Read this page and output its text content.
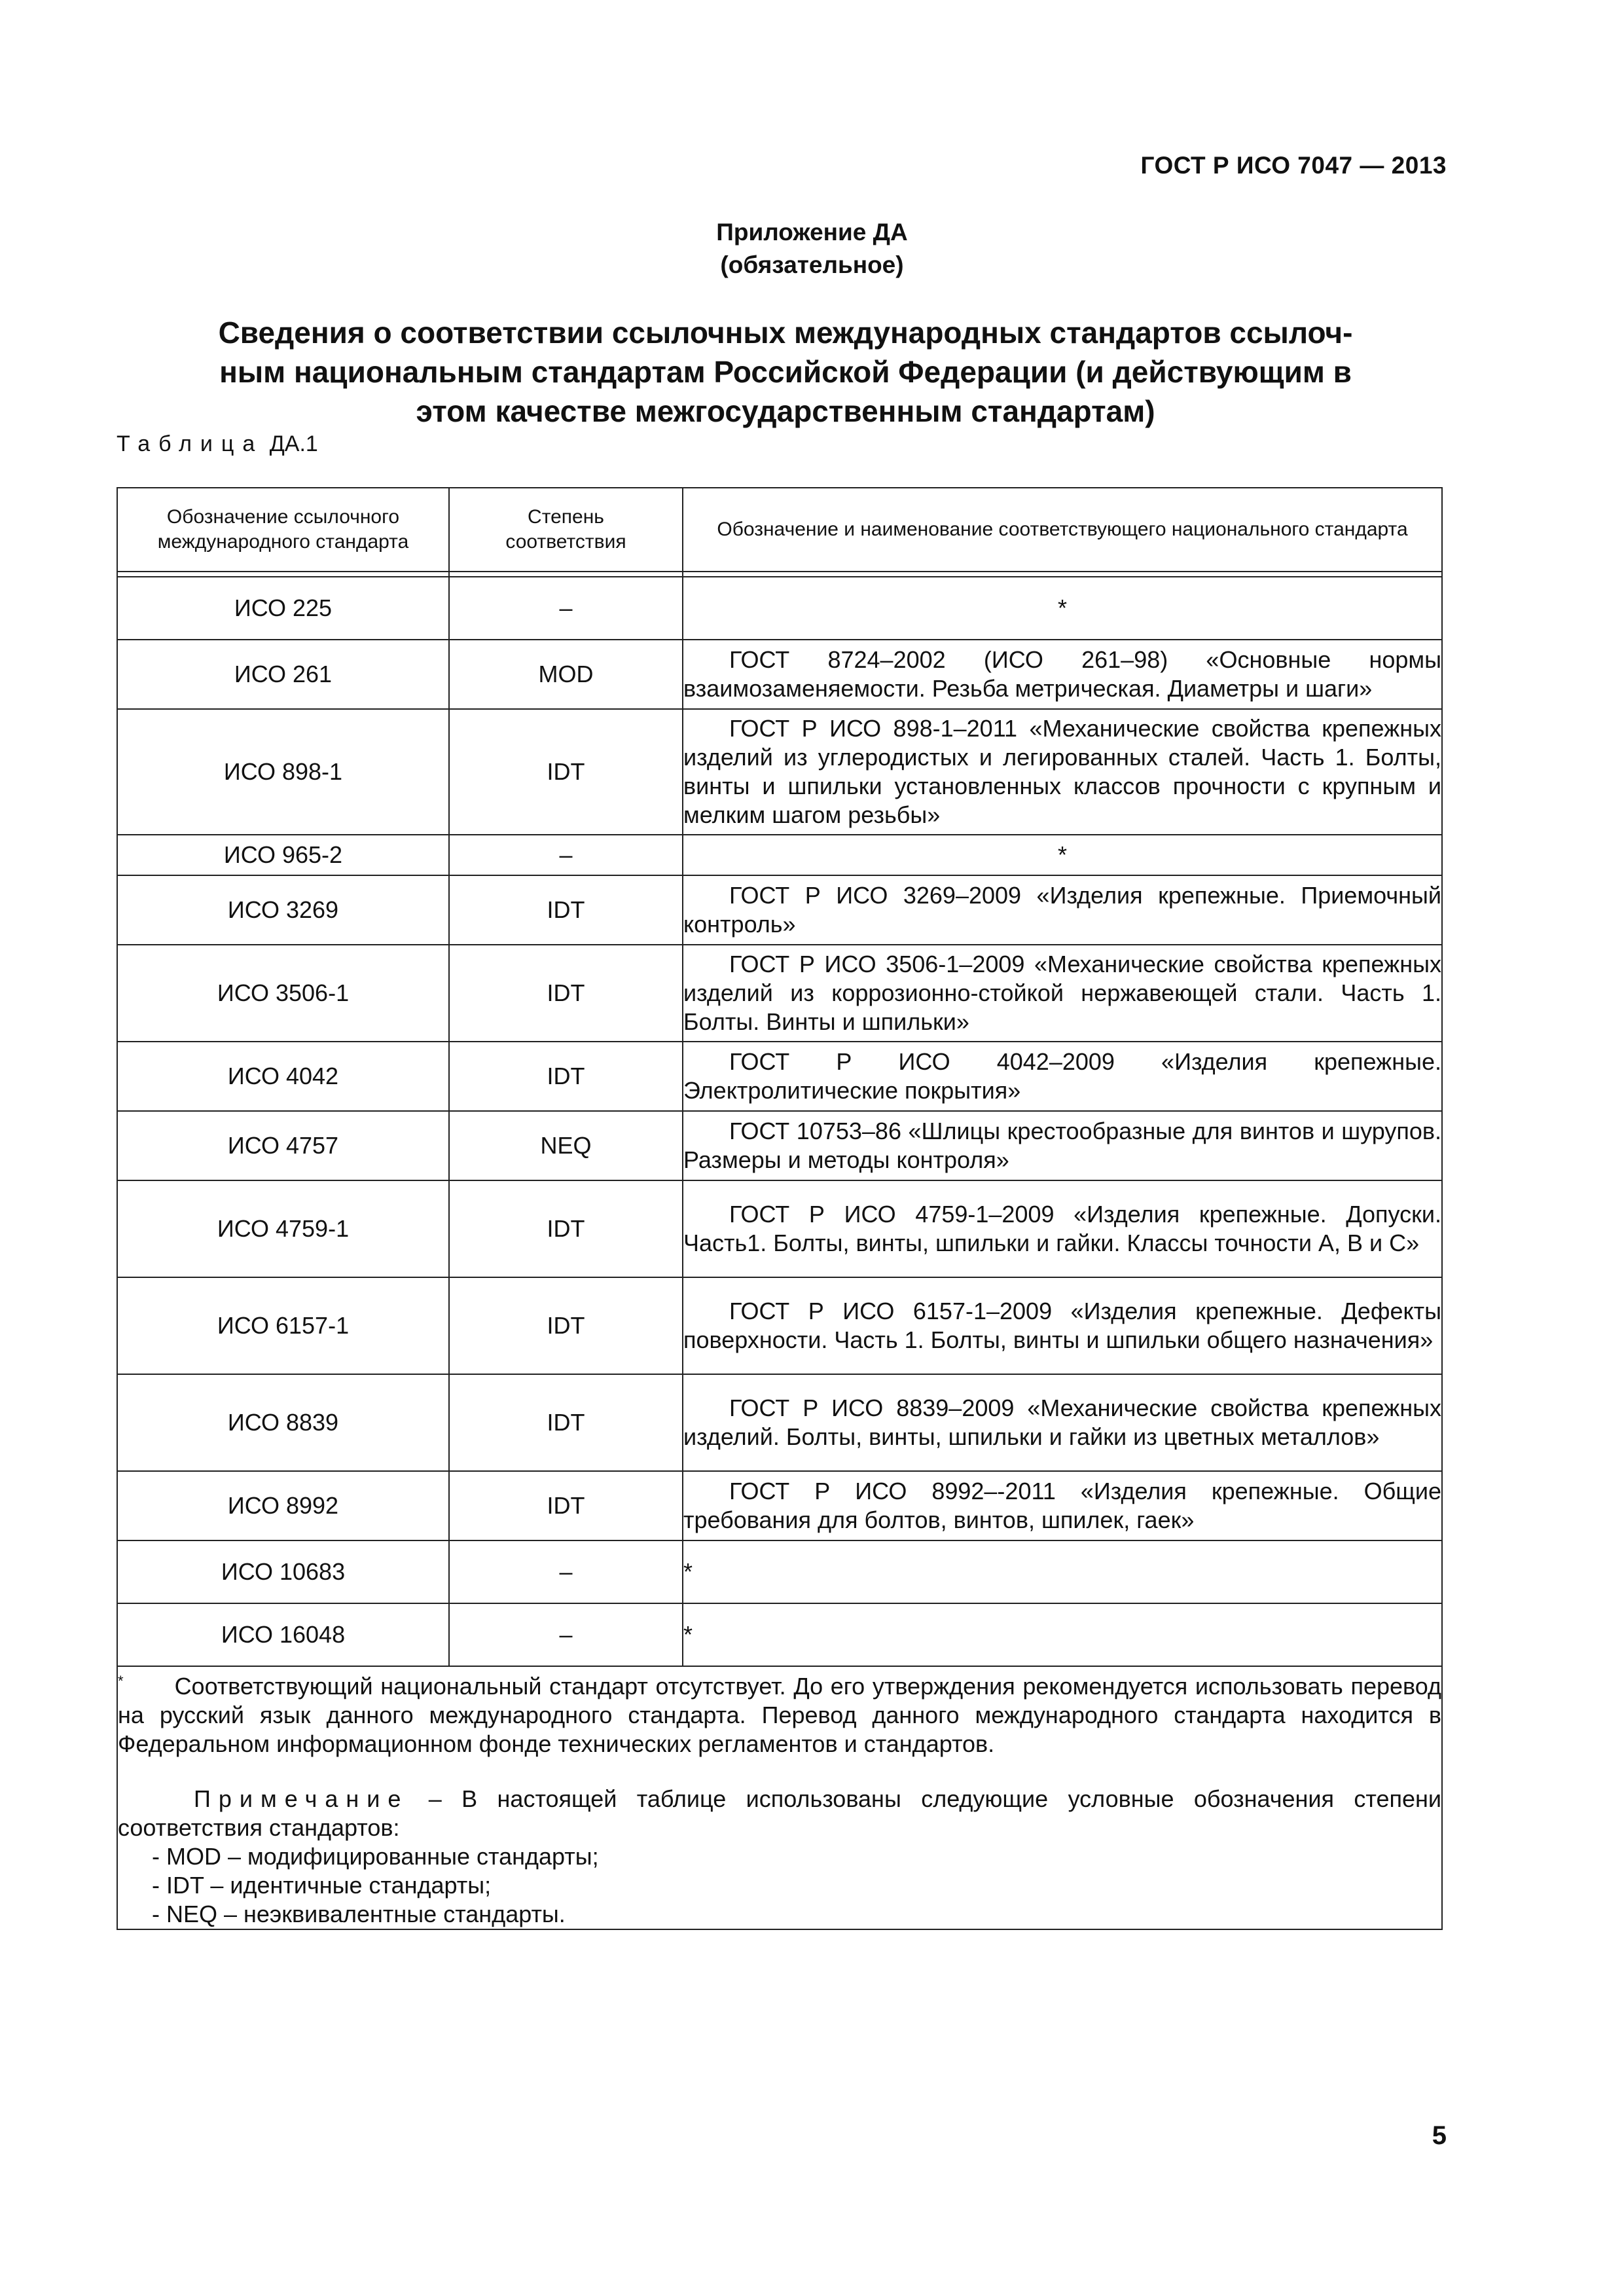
ГОСТ Р ИСО 7047 — 2013
Приложение ДА
(обязательное)
Сведения о соответствии ссылочных международных стандартов ссылоч-
ным национальным стандартам Российской Федерации (и действующим в
этом качестве межгосударственным стандартам)
Таблица ДА.1
Обозначение ссылочного международного стандарта	Степень соответствия	Обозначение и наименование соответствующего национального стандарта

ИСО 225	–	*
ИСО 261	MOD	ГОСТ 8724–2002 (ИСО 261–98) «Основные нормы взаимозаменяемости. Резьба метрическая. Диаметры и шаги»
ИСО 898-1	IDT	ГОСТ Р ИСО 898-1–2011 «Механические свойства крепежных изделий из углеродистых и легированных сталей. Часть 1. Болты, винты и шпильки установленных классов прочности с крупным и мелким шагом резьбы»
ИСО 965-2	–	*
ИСО 3269	IDT	ГОСТ Р ИСО 3269–2009 «Изделия крепежные. Приемочный контроль»
ИСО 3506-1	IDT	ГОСТ Р ИСО 3506-1–2009 «Механические свойства крепежных изделий из коррозионно-стойкой нержавеющей стали. Часть 1. Болты. Винты и шпильки»
ИСО 4042	IDT	ГОСТ Р ИСО 4042–2009 «Изделия крепежные. Электролитические покрытия»
ИСО 4757	NEQ	ГОСТ 10753–86 «Шлицы крестообразные для винтов и шурупов. Размеры и методы контроля»
ИСО 4759-1	IDT	ГОСТ Р ИСО 4759-1–2009 «Изделия крепежные. Допуски. Часть1. Болты, винты, шпильки и гайки. Классы точности А, В и С»
ИСО 6157-1	IDT	ГОСТ Р ИСО 6157-1–2009 «Изделия крепежные. Дефекты поверхности. Часть 1. Болты, винты и шпильки общего назначения»
ИСО 8839	IDT	ГОСТ Р ИСО 8839–2009 «Механические свойства крепежных изделий. Болты, винты, шпильки и гайки из цветных металлов»
ИСО 8992	IDT	ГОСТ Р ИСО 8992–-2011 «Изделия крепежные. Общие требования для болтов, винтов, шпилек, гаек»
ИСО 10683	–	*
ИСО 16048	–	*

* Соответствующий национальный стандарт отсутствует. До его утверждения рекомендуется использовать перевод на русский язык данного международного стандарта. Перевод данного международного стандарта находится в Федеральном информационном фонде технических регламентов и стандартов.

Примечание – В настоящей таблице использованы следующие условные обозначения степени соответствия стандартов:

- MOD – модифицированные стандарты;
- IDT – идентичные стандарты;
- NEQ – неэквивалентные стандарты.		
5
